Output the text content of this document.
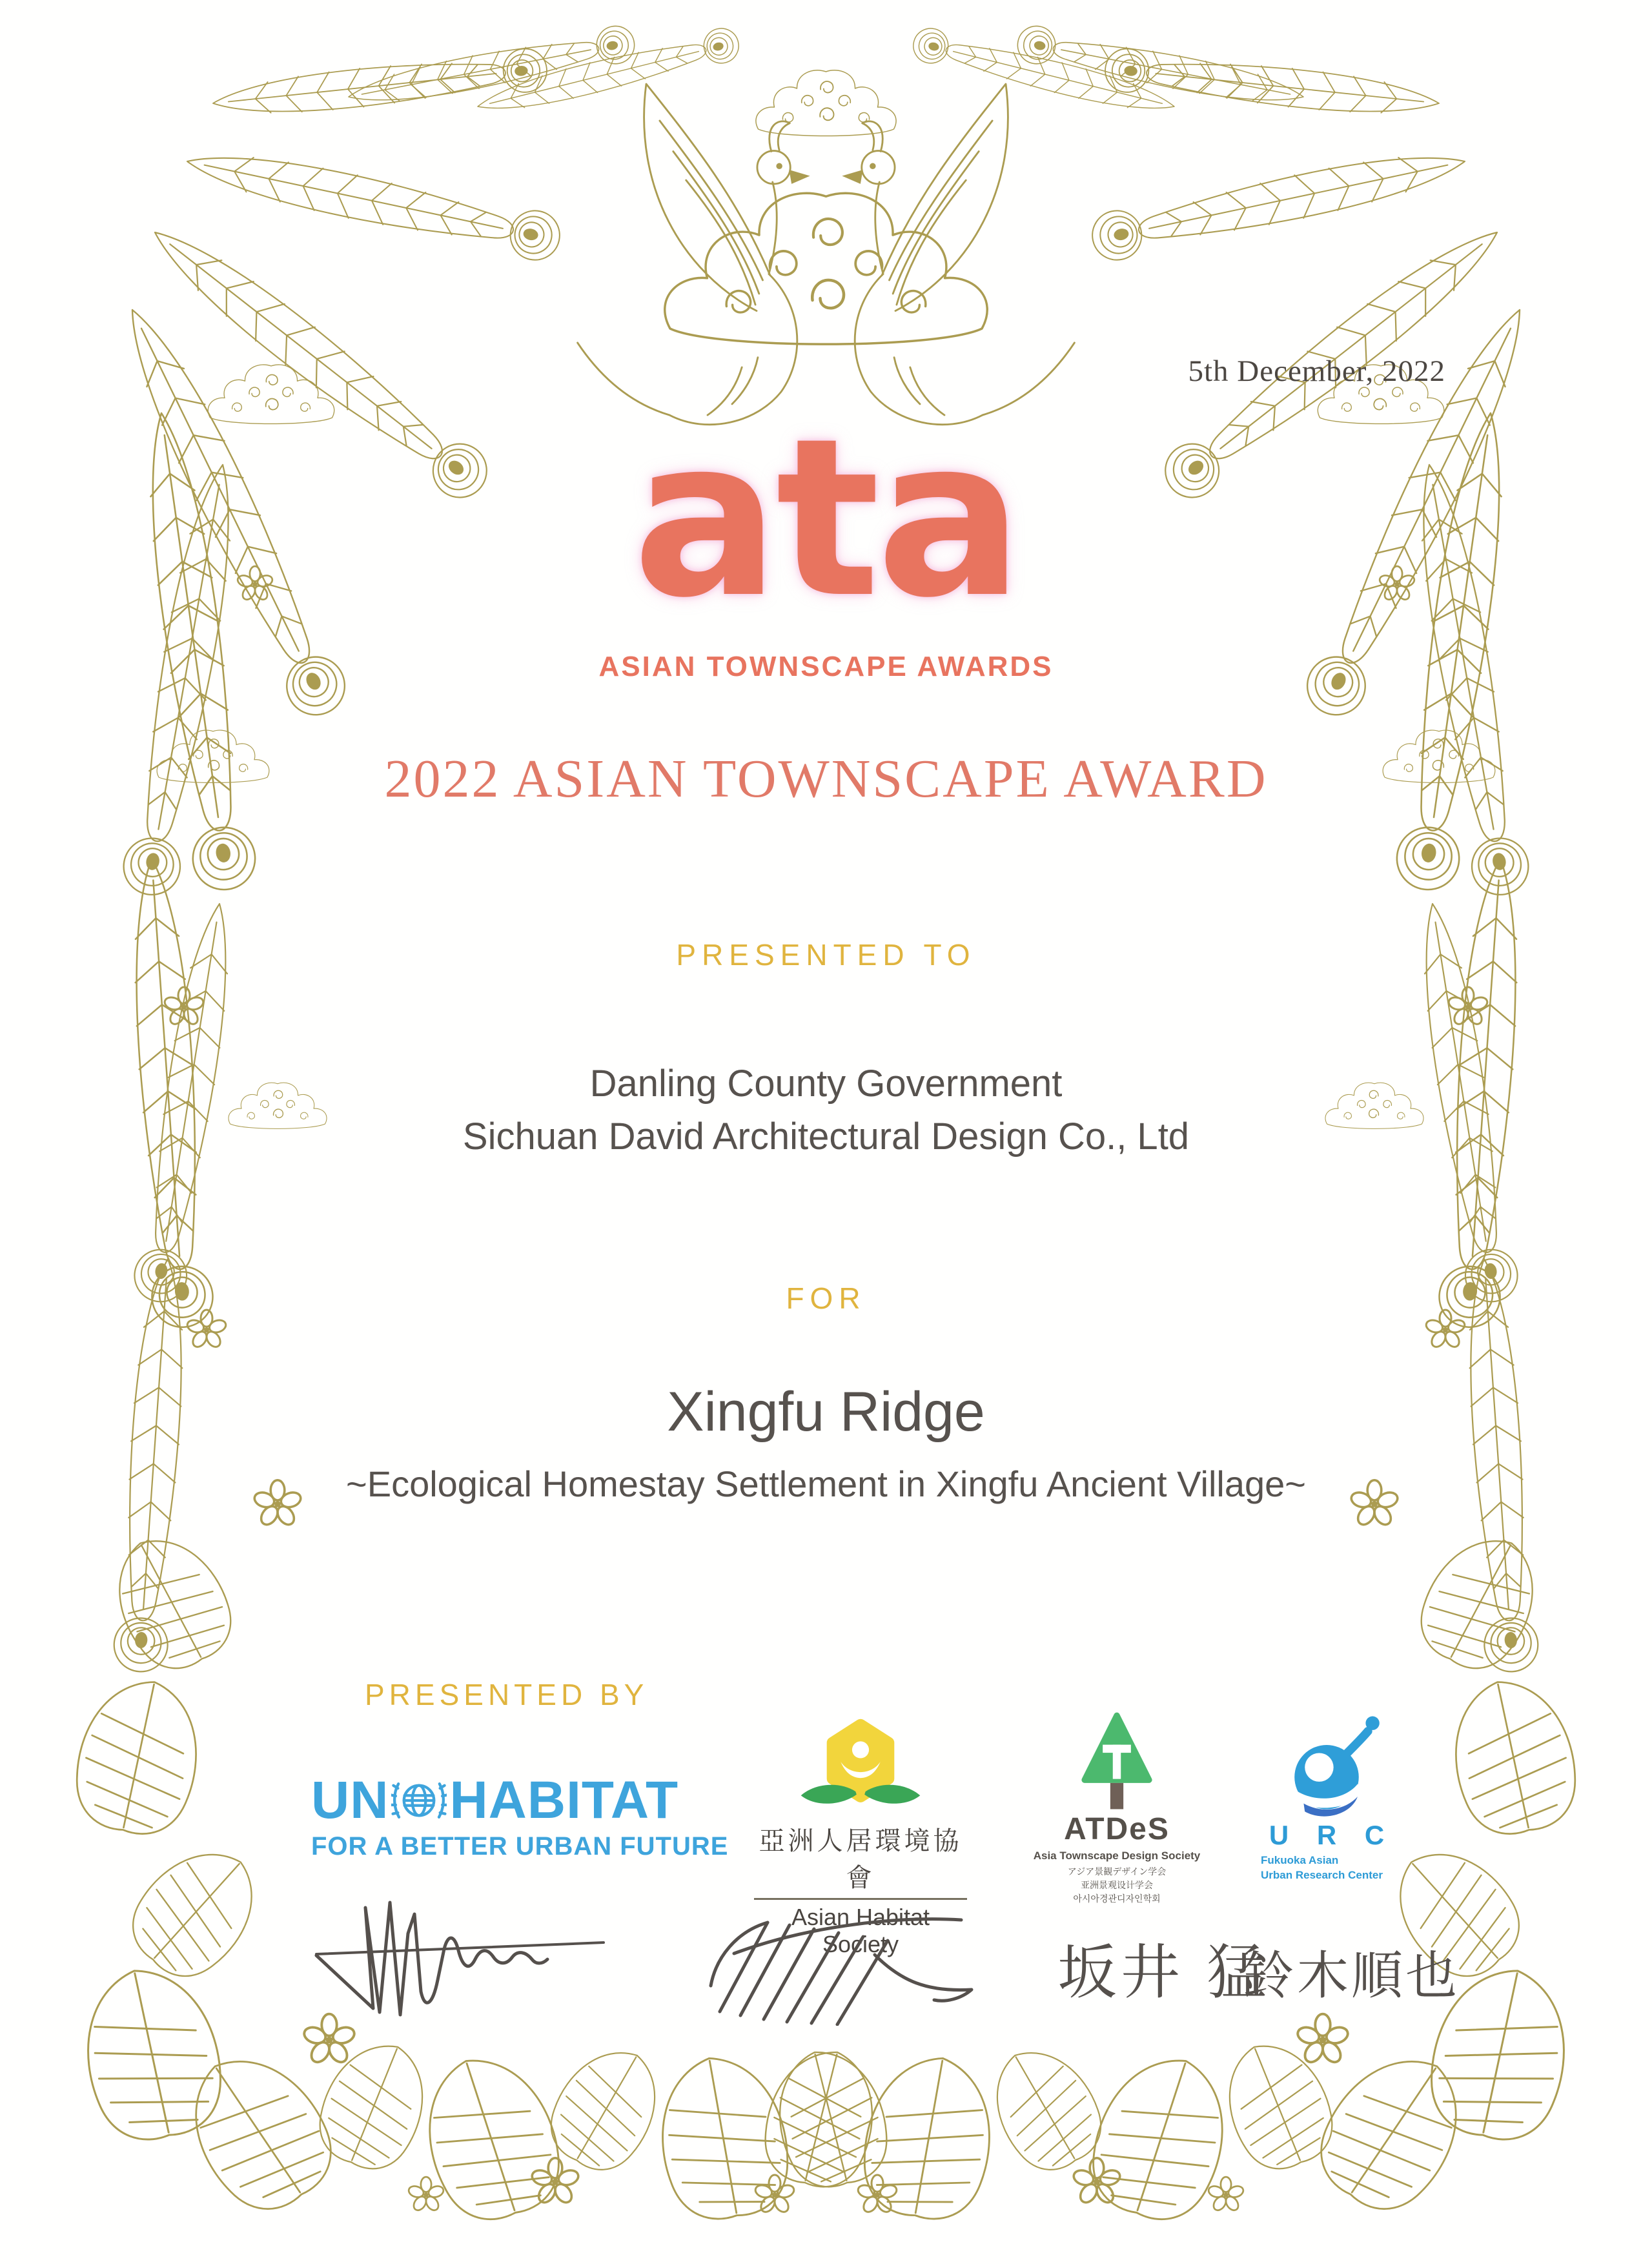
5th December, 2022
ata
ASIAN TOWNSCAPE AWARDS
2022 ASIAN TOWNSCAPE AWARD
PRESENTED TO
Danling County Government
Sichuan David Architectural Design Co., Ltd
FOR
Xingfu Ridge
~Ecological Homestay Settlement in Xingfu Ancient Village~
PRESENTED BY
UN HABITAT
FOR A BETTER URBAN FUTURE 亞洲人居環境協會
Asian Habitat Society
ATDeS
Asia Townscape Design Society
アジア景観デザイン学会
亚洲景观设计学会
아시아경관디자인학회
U R C
Fukuoka Asian
Urban Research Center
坂井 猛
鈴木順也
